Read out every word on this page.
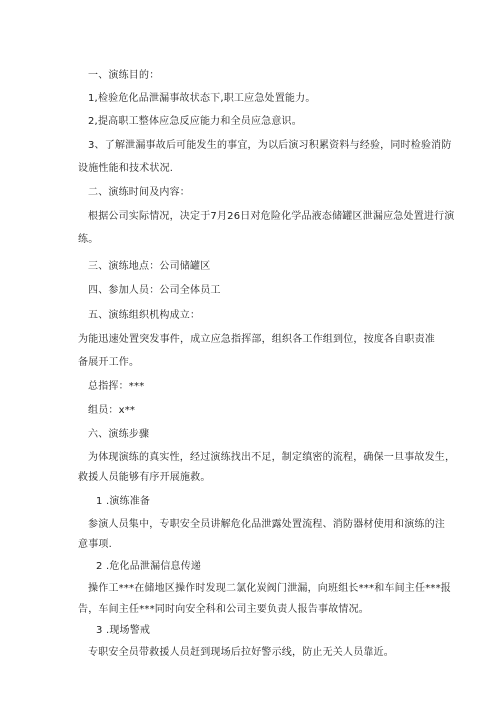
一、演练目的：
1,检验危化品泄漏事故状态下,职工应急处置能力。
2,提高职工整体应急反应能力和全员应急意识。
3、了解泄漏事故后可能发生的事宜，为以后演习积累资料与经验，同时检验消防
设施性能和技术状况.
二、演练时间及内容：
根据公司实际情况，决定于7月26日对危险化学品液态储罐区泄漏应急处置进行演
练。
三、演练地点：公司储罐区
四、参加人员：公司全体员工
五、演练组织机构成立：
为能迅速处置突发事件，成立应急指挥部，组织各工作组到位，按度各自职责准
备展开工作。
总指挥：***
组员：x**
六、演练步骤
为体现演练的真实性，经过演练找出不足，制定缜密的流程，确保一旦事故发生，
救援人员能够有序开展施救。
1 .演练准备
参演人员集中，专职安全员讲解危化品泄露处置流程、消防器材使用和演练的注
意事项.
2 .危化品泄漏信息传递
操作工***在储地区操作时发现二氯化炭阀门泄漏，向班组长***和车间主任***报
告，车间主任***同时向安全科和公司主要负责人报告事故情况。
3 .现场警戒
专职安全员带救援人员赶到现场后拉好警示线，防止无关人员靠近。
